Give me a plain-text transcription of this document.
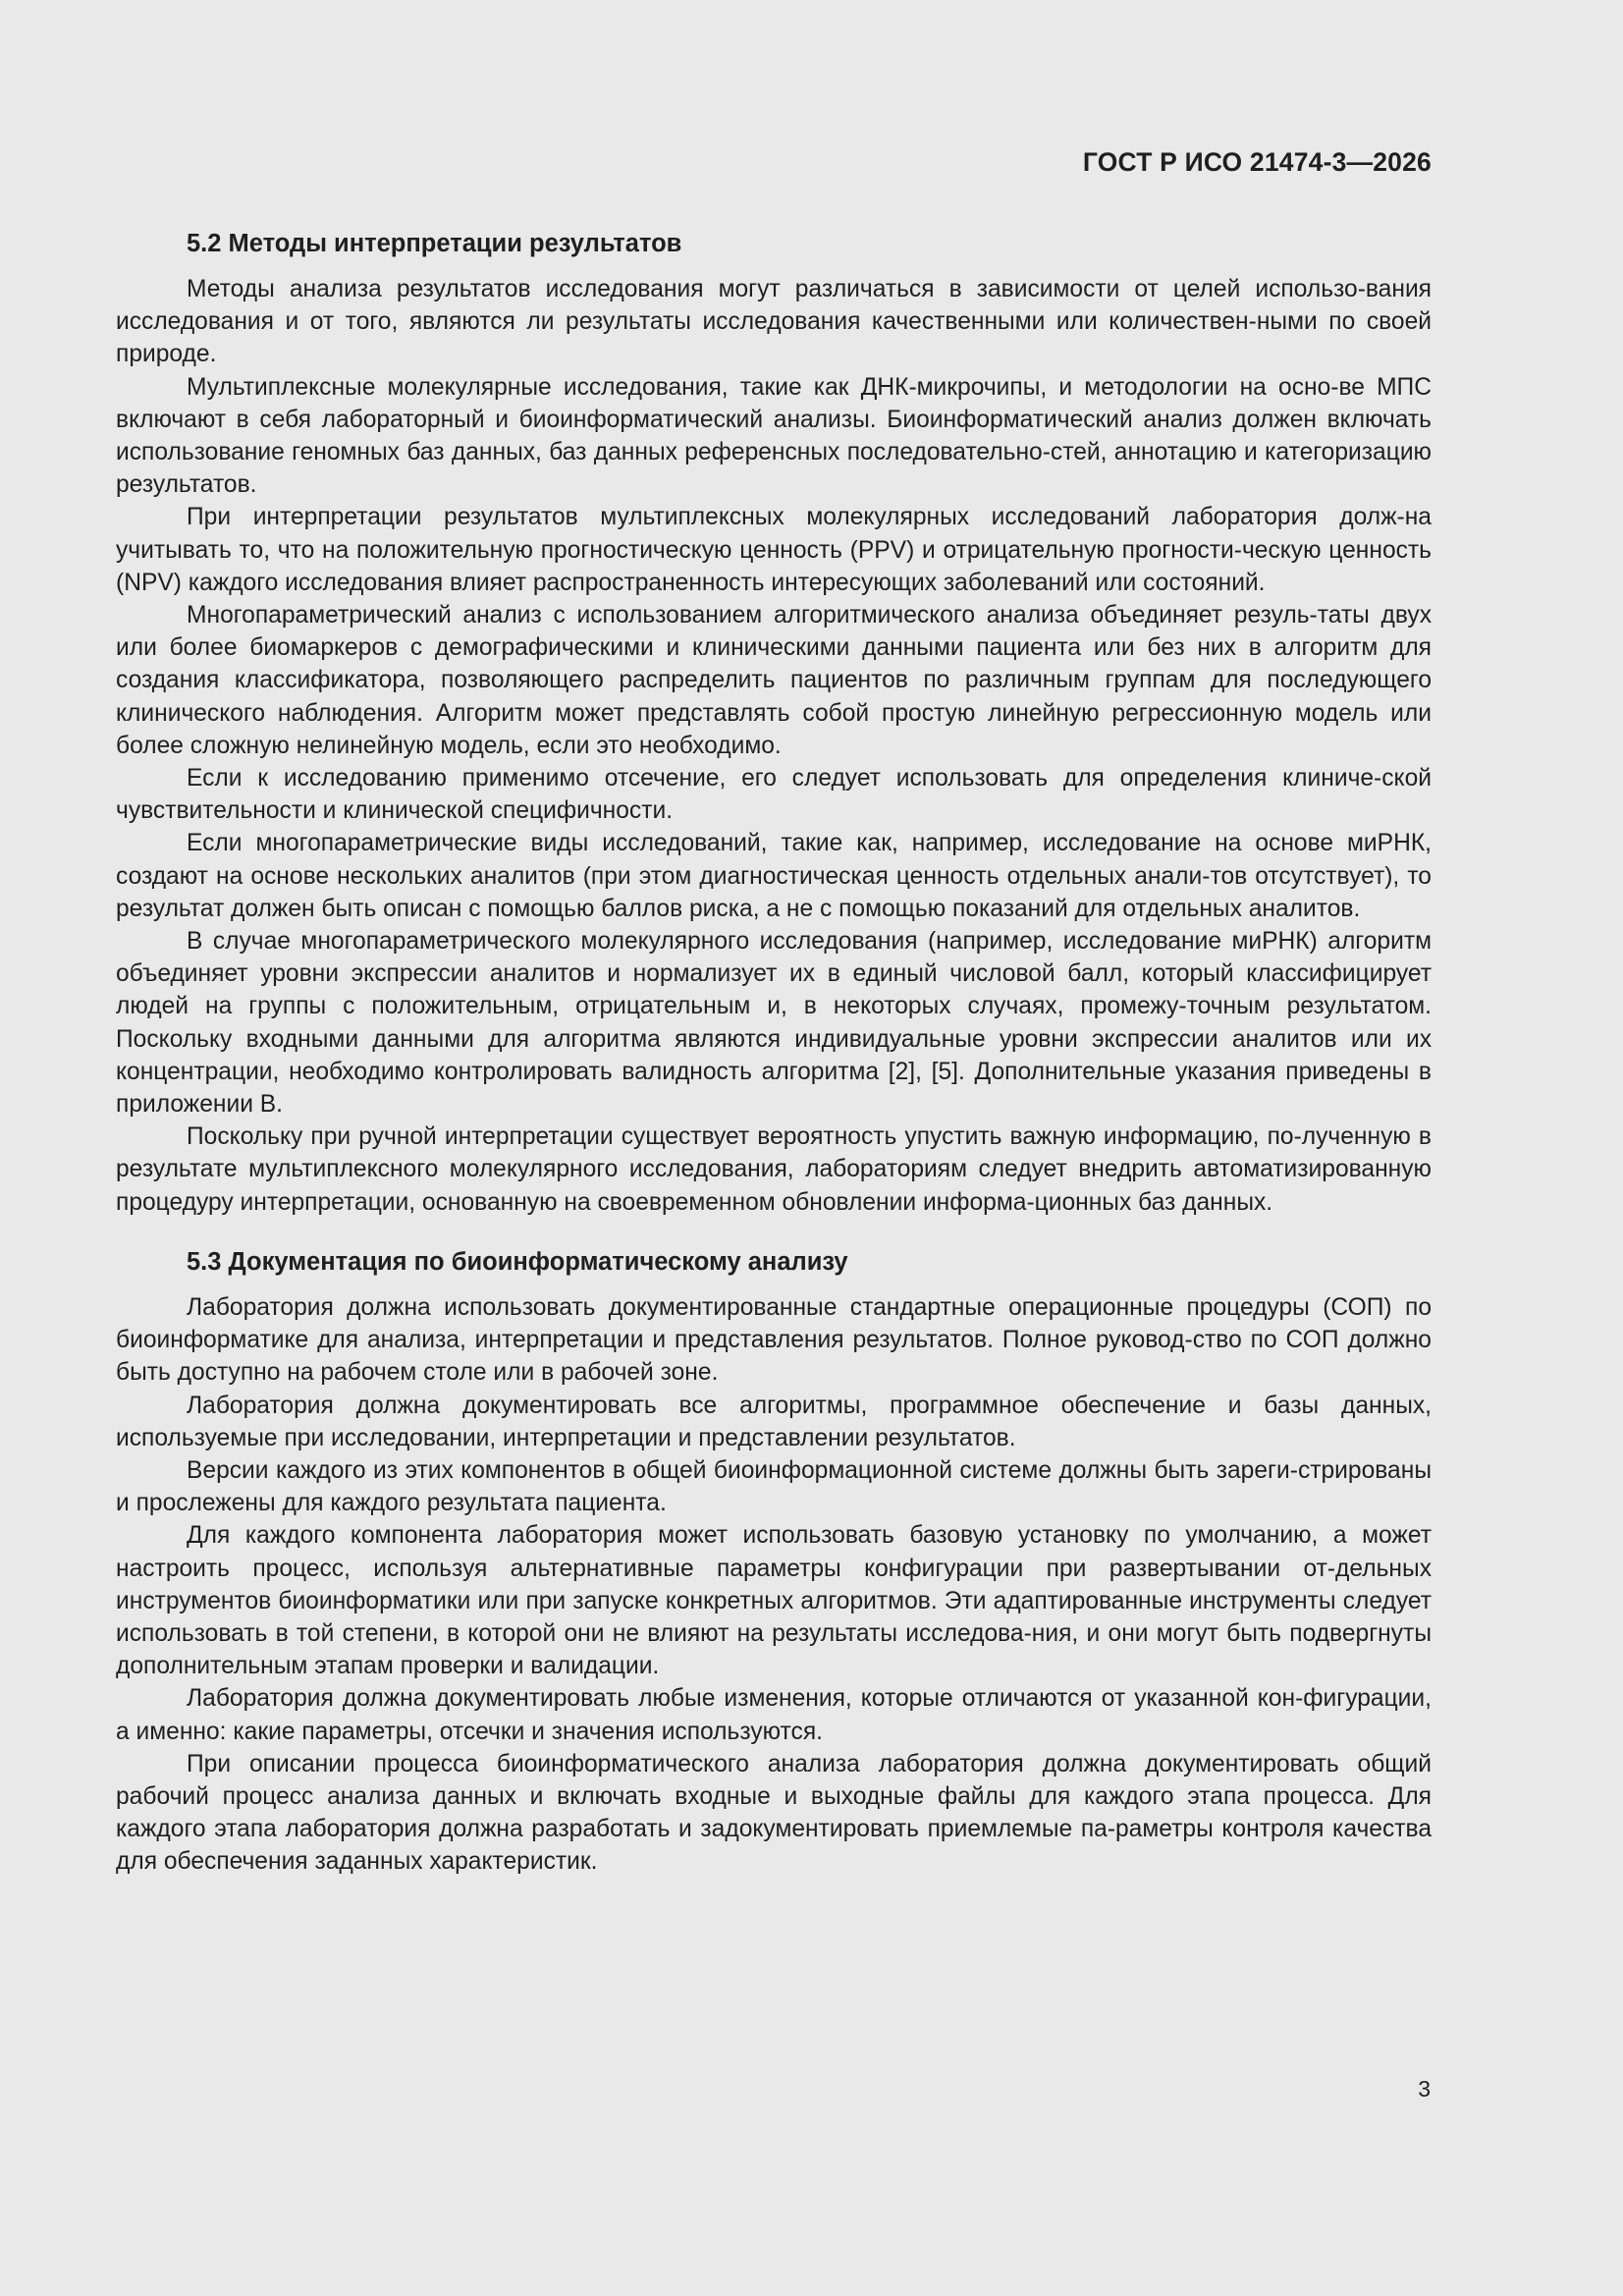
ГОСТ Р ИСО 21474-3—2026
5.2 Методы интерпретации результатов

Методы анализа результатов исследования могут различаться в зависимости от целей использо-вания исследования и от того, являются ли результаты исследования качественными или количествен-ными по своей природе.

Мультиплексные молекулярные исследования, такие как ДНК-микрочипы, и методологии на осно-ве МПС включают в себя лабораторный и биоинформатический анализы. Биоинформатический анализ должен включать использование геномных баз данных, баз данных референсных последовательно-стей, аннотацию и категоризацию результатов.

При интерпретации результатов мультиплексных молекулярных исследований лаборатория долж-на учитывать то, что на положительную прогностическую ценность (PPV) и отрицательную прогности-ческую ценность (NPV) каждого исследования влияет распространенность интересующих заболеваний или состояний.

Многопараметрический анализ с использованием алгоритмического анализа объединяет резуль-таты двух или более биомаркеров с демографическими и клиническими данными пациента или без них в алгоритм для создания классификатора, позволяющего распределить пациентов по различным группам для последующего клинического наблюдения. Алгоритм может представлять собой простую линейную регрессионную модель или более сложную нелинейную модель, если это необходимо.

Если к исследованию применимо отсечение, его следует использовать для определения клиниче-ской чувствительности и клинической специфичности.

Если многопараметрические виды исследований, такие как, например, исследование на основе миРНК, создают на основе нескольких аналитов (при этом диагностическая ценность отдельных анали-тов отсутствует), то результат должен быть описан с помощью баллов риска, а не с помощью показаний для отдельных аналитов.

В случае многопараметрического молекулярного исследования (например, исследование миРНК) алгоритм объединяет уровни экспрессии аналитов и нормализует их в единый числовой балл, который классифицирует людей на группы с положительным, отрицательным и, в некоторых случаях, промежу-точным результатом. Поскольку входными данными для алгоритма являются индивидуальные уровни экспрессии аналитов или их концентрации, необходимо контролировать валидность алгоритма [2], [5]. Дополнительные указания приведены в приложении В.

Поскольку при ручной интерпретации существует вероятность упустить важную информацию, по-лученную в результате мультиплексного молекулярного исследования, лабораториям следует внедрить автоматизированную процедуру интерпретации, основанную на своевременном обновлении информа-ционных баз данных.

5.3 Документация по биоинформатическому анализу

Лаборатория должна использовать документированные стандартные операционные процедуры (СОП) по биоинформатике для анализа, интерпретации и представления результатов. Полное руковод-ство по СОП должно быть доступно на рабочем столе или в рабочей зоне.

Лаборатория должна документировать все алгоритмы, программное обеспечение и базы данных, используемые при исследовании, интерпретации и представлении результатов.

Версии каждого из этих компонентов в общей биоинформационной системе должны быть зареги-стрированы и прослежены для каждого результата пациента.

Для каждого компонента лаборатория может использовать базовую установку по умолчанию, а может настроить процесс, используя альтернативные параметры конфигурации при развертывании от-дельных инструментов биоинформатики или при запуске конкретных алгоритмов. Эти адаптированные инструменты следует использовать в той степени, в которой они не влияют на результаты исследова-ния, и они могут быть подвергнуты дополнительным этапам проверки и валидации.

Лаборатория должна документировать любые изменения, которые отличаются от указанной кон-фигурации, а именно: какие параметры, отсечки и значения используются.

При описании процесса биоинформатического анализа лаборатория должна документировать общий рабочий процесс анализа данных и включать входные и выходные файлы для каждого этапа процесса. Для каждого этапа лаборатория должна разработать и задокументировать приемлемые па-раметры контроля качества для обеспечения заданных характеристик.

3
